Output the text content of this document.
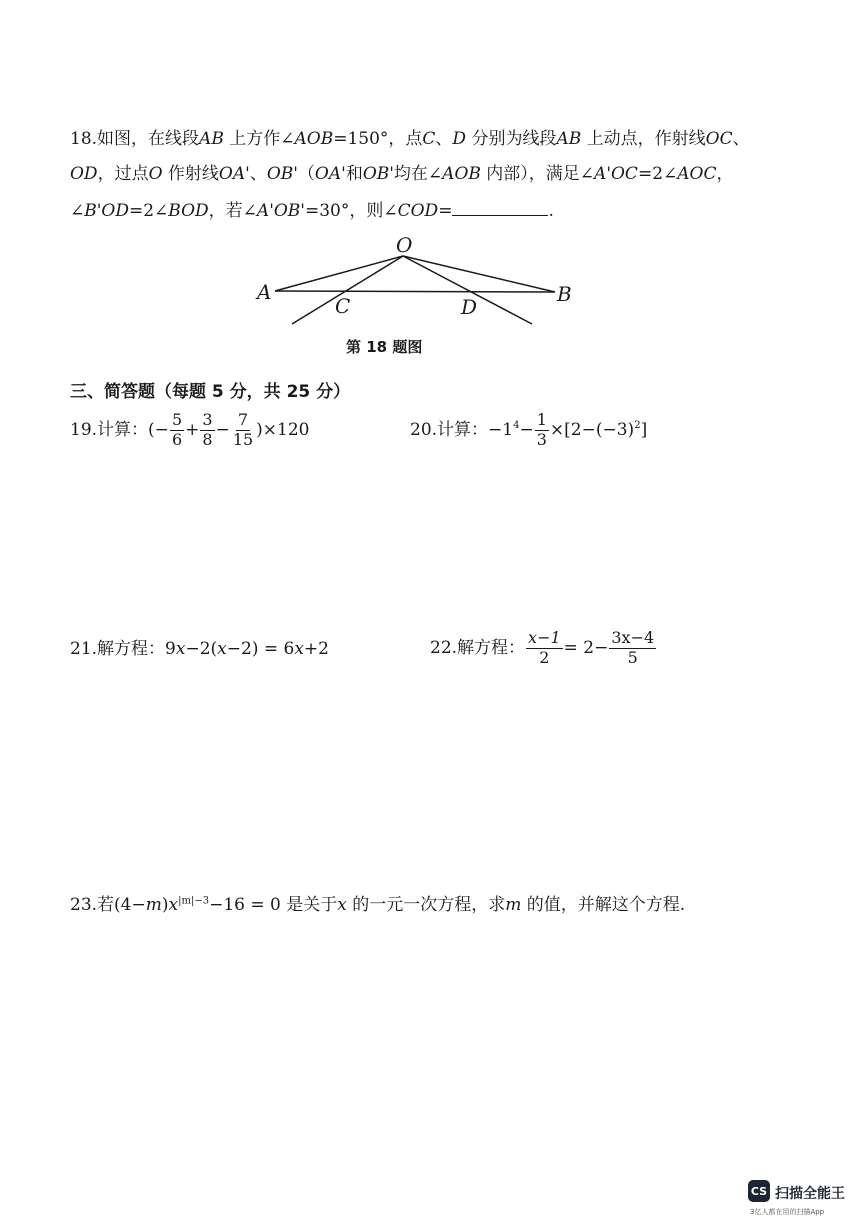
18.如图，在线段AB 上方作∠AOB=150°，点C、D 分别为线段AB 上动点，作射线OC、
OD，过点O 作射线OA'、OB'（OA'和OB'均在∠AOB 内部），满足∠A'OC=2∠AOC，
∠B'OD=2∠BOD，若∠A'OB'=30°，则∠COD=	.
O
A	B
C	D
第 18 题图
三、简答题（每题 5 分，共 25 分）
19.计算：(− $\frac{5}{6} + \frac{3}{8} - \frac{7}{15} )\times 120$	20.计算：$-1^4- \frac{1}{3} \times[2-(-3)^2]$
21.解方程：9x−2(x−2) = 6x+2	22.解方程： $\frac{x-1}{2} = 2- \frac{3x-4}{5}$
23.若$(4-m)x^{|m|-3}-16 = 0$ 是关于x 的一元一次方程，求m 的值，并解这个方程.
CS 扫描全能王
3亿人都在用的扫描App
